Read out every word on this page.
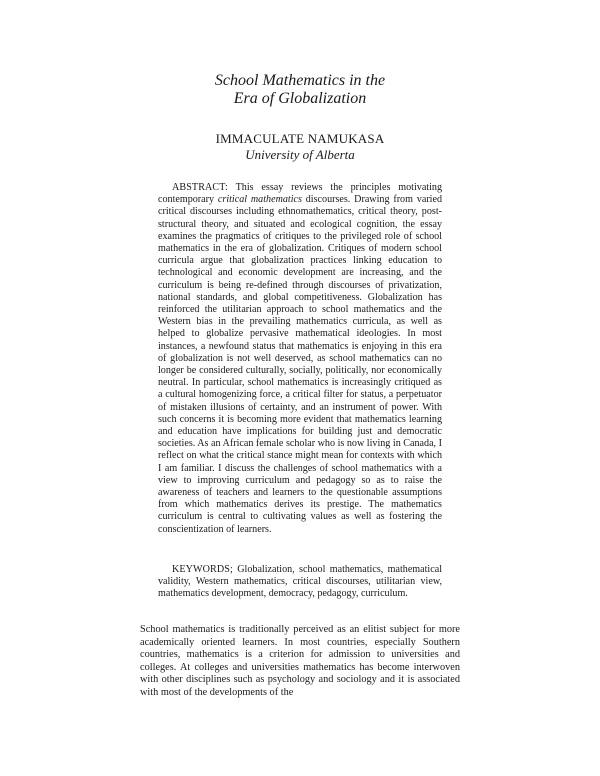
School Mathematics in the
Era of Globalization
IMMACULATE NAMUKASA
University of Alberta
ABSTRACT: This essay reviews the principles motivating contemporary critical mathematics discourses. Drawing from varied critical discourses including ethnomathematics, critical theory, post-structural theory, and situated and ecological cognition, the essay examines the pragmatics of critiques to the privileged role of school mathematics in the era of globalization. Critiques of modern school curricula argue that globalization practices linking education to technological and economic development are increasing, and the curriculum is being re-defined through discourses of privatization, national standards, and global competitiveness. Globalization has reinforced the utilitarian approach to school mathematics and the Western bias in the prevailing mathematics curricula, as well as helped to globalize pervasive mathematical ideologies. In most instances, a newfound status that mathematics is enjoying in this era of globalization is not well deserved, as school mathematics can no longer be considered culturally, socially, politically, nor economically neutral. In particular, school mathematics is increasingly critiqued as a cultural homogenizing force, a critical filter for status, a perpetuator of mistaken illusions of certainty, and an instrument of power. With such concerns it is becoming more evident that mathematics learning and education have implications for building just and democratic societies. As an African female scholar who is now living in Canada, I reflect on what the critical stance might mean for contexts with which I am familiar. I discuss the challenges of school mathematics with a view to improving curriculum and pedagogy so as to raise the awareness of teachers and learners to the questionable assumptions from which mathematics derives its prestige. The mathematics curriculum is central to cultivating values as well as fostering the conscientization of learners.
KEYWORDS; Globalization, school mathematics, mathematical validity, Western mathematics, critical discourses, utilitarian view, mathematics development, democracy, pedagogy, curriculum.
School mathematics is traditionally perceived as an elitist subject for more academically oriented learners. In most countries, especially Southern countries, mathematics is a criterion for admission to universities and colleges. At colleges and universities mathematics has become interwoven with other disciplines such as psychology and sociology and it is associated with most of the developments of the
